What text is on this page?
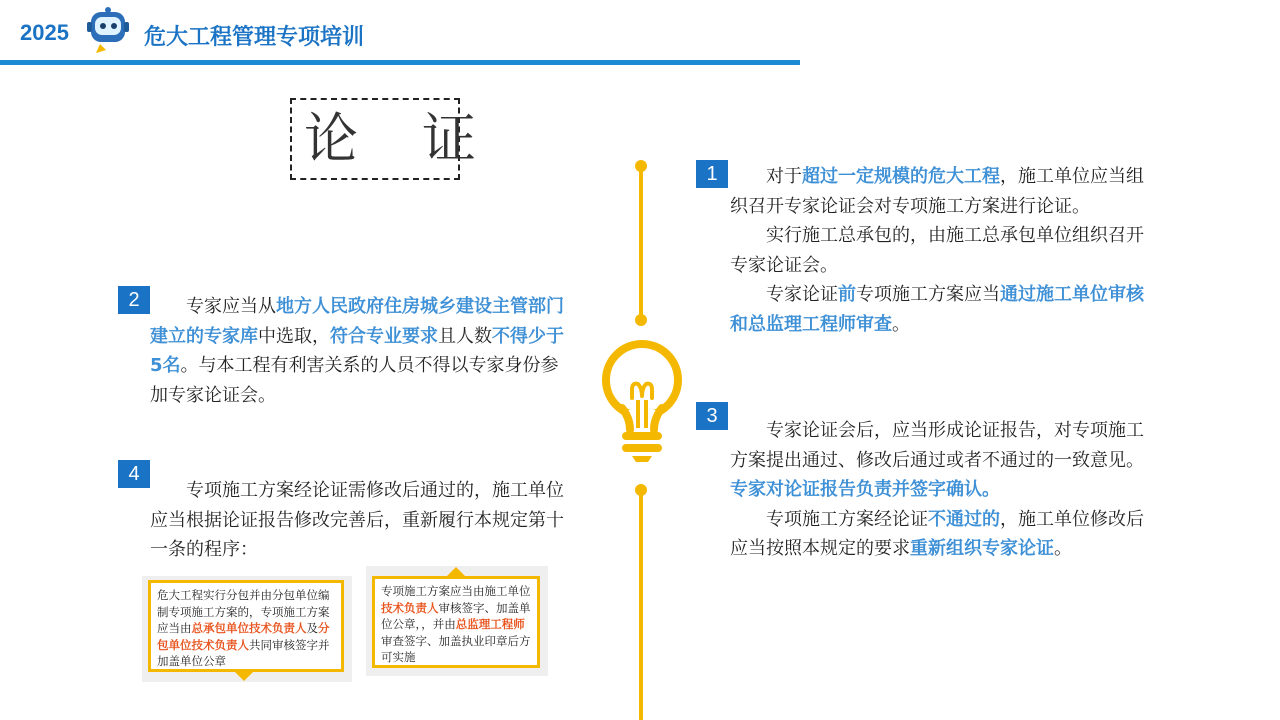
2025	危大工程管理专项培训
论证
1	对于超过一定规模的危大工程，施工单位应当组织召开专家论证会对专项施工方案进行论证。

实行施工总承包的，由施工总承包单位组织召开专家论证会。

专家论证前专项施工方案应当通过施工单位审核和总监理工程师审查。

2	专家应当从地方人民政府住房城乡建设主管部门建立的专家库中选取，符合专业要求且人数不得少于5名。与本工程有利害关系的人员不得以专家身份参加专家论证会。

3

专家论证会后，应当形成论证报告，对专项施工方案提出通过、修改后通过或者不通过的一致意见。专家对论证报告负责并签字确认。

专项施工方案经论证不通过的，施工单位修改后应当按照本规定的要求重新组织专家论证。

4

专项施工方案经论证需修改后通过的，施工单位应当根据论证报告修改完善后，重新履行本规定第十一条的程序：

危大工程实行分包并由分包单位编制专项施工方案的，专项施工方案应当由总承包单位技术负责人及分包单位技术负责人共同审核签字并加盖单位公章
专项施工方案应当由施工单位技术负责人审核签字、加盖单位公章，，并由总监理工程师审查签字、加盖执业印章后方可实施
